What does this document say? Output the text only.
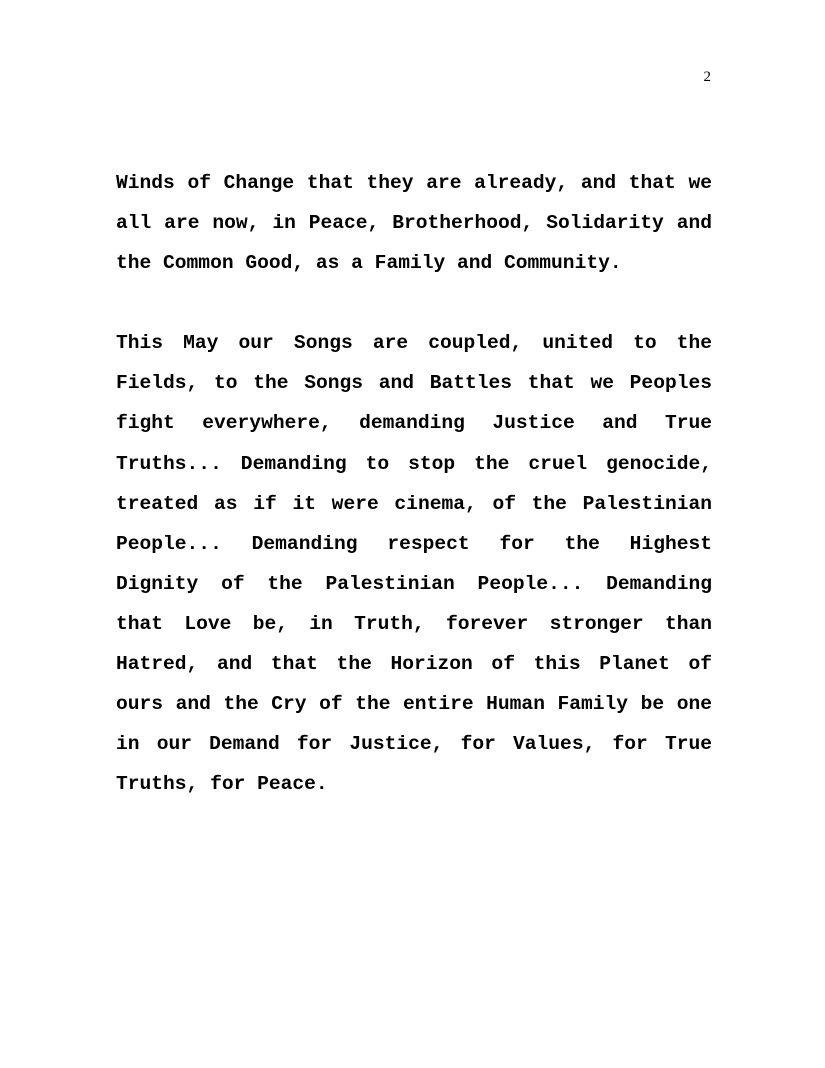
2

Winds of Change that they are already, and that we all are now, in Peace, Brotherhood, Solidarity and the Common Good, as a Family and Community.

This May our Songs are coupled, united to the Fields, to the Songs and Battles that we Peoples fight everywhere, demanding Justice and True Truths... Demanding to stop the cruel genocide, treated as if it were cinema, of the Palestinian People... Demanding respect for the Highest Dignity of the Palestinian People... Demanding that Love be, in Truth, forever stronger than Hatred, and that the Horizon of this Planet of ours and the Cry of the entire Human Family be one in our Demand for Justice, for Values, for True Truths, for Peace.
